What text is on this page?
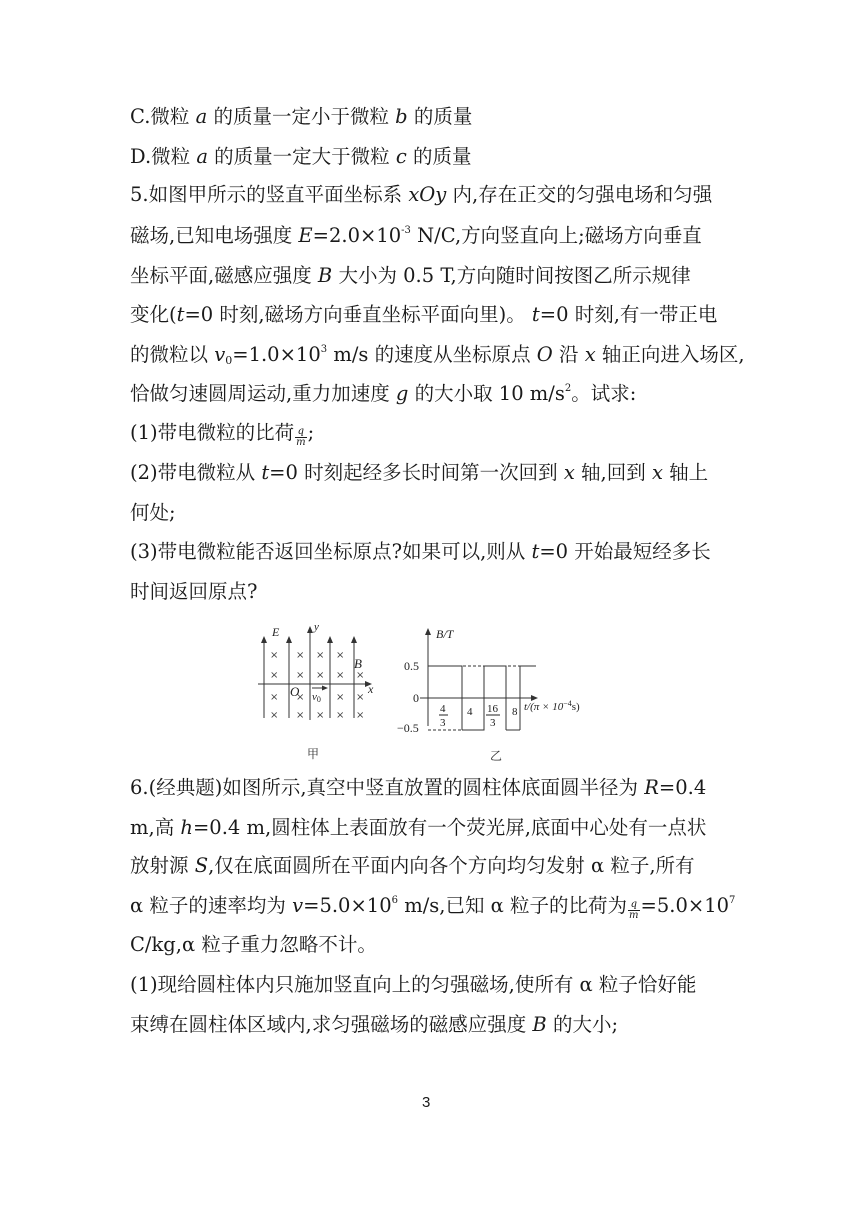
C.微粒 a 的质量一定小于微粒 b 的质量
D.微粒 a 的质量一定大于微粒 c 的质量
5.如图甲所示的竖直平面坐标系 xOy 内,存在正交的匀强电场和匀强
磁场,已知电场强度 $E=2.0\times 10^{-3}$ N/C,方向竖直向上;磁场方向垂直
坐标平面,磁感应强度 B 大小为 0.5 T,方向随时间按图乙所示规律
变化(t=0 时刻,磁场方向垂直坐标平面向里)。 t=0 时刻,有一带正电
的微粒以 $v_0=1.0\times 10^3$ m/s 的速度从坐标原点 O 沿 x 轴正向进入场区,
恰做匀速圆周运动,重力加速度 g 的大小取 10 $m/s^2$。试求:
(1)带电微粒的比荷 $\frac{q}{m}$ ;
(2)带电微粒从 t=0 时刻起经多长时间第一次回到 x 轴,回到 x 轴上
何处;
(3)带电微粒能否返回坐标原点?如果可以,则从 t=0 开始最短经多长
时间返回原点?
E	y
B
O	x
v0
× × × ×
× × × × ×
× ×	× ×
× × × × ×
甲
B/T
0.5
0
−0.5
4
3
4 16
3
8 $t/(\pi \times 10^{-4}s)$
乙
6.(经典题)如图所示,真空中竖直放置的圆柱体底面圆半径为 R=0.4
m,高 h=0.4 m,圆柱体上表面放有一个荧光屏,底面中心处有一点状
放射源 S,仅在底面圆所在平面内向各个方向均匀发射 α 粒子,所有
α 粒子的速率均为 $v=5.0\times 10^6$ m/s,已知 α 粒子的比荷为 $\frac{q}{m} =5.0\times 10^7$
C/kg,α 粒子重力忽略不计。
(1)现给圆柱体内只施加竖直向上的匀强磁场,使所有 α 粒子恰好能
束缚在圆柱体区域内,求匀强磁场的磁感应强度 B 的大小;
3
